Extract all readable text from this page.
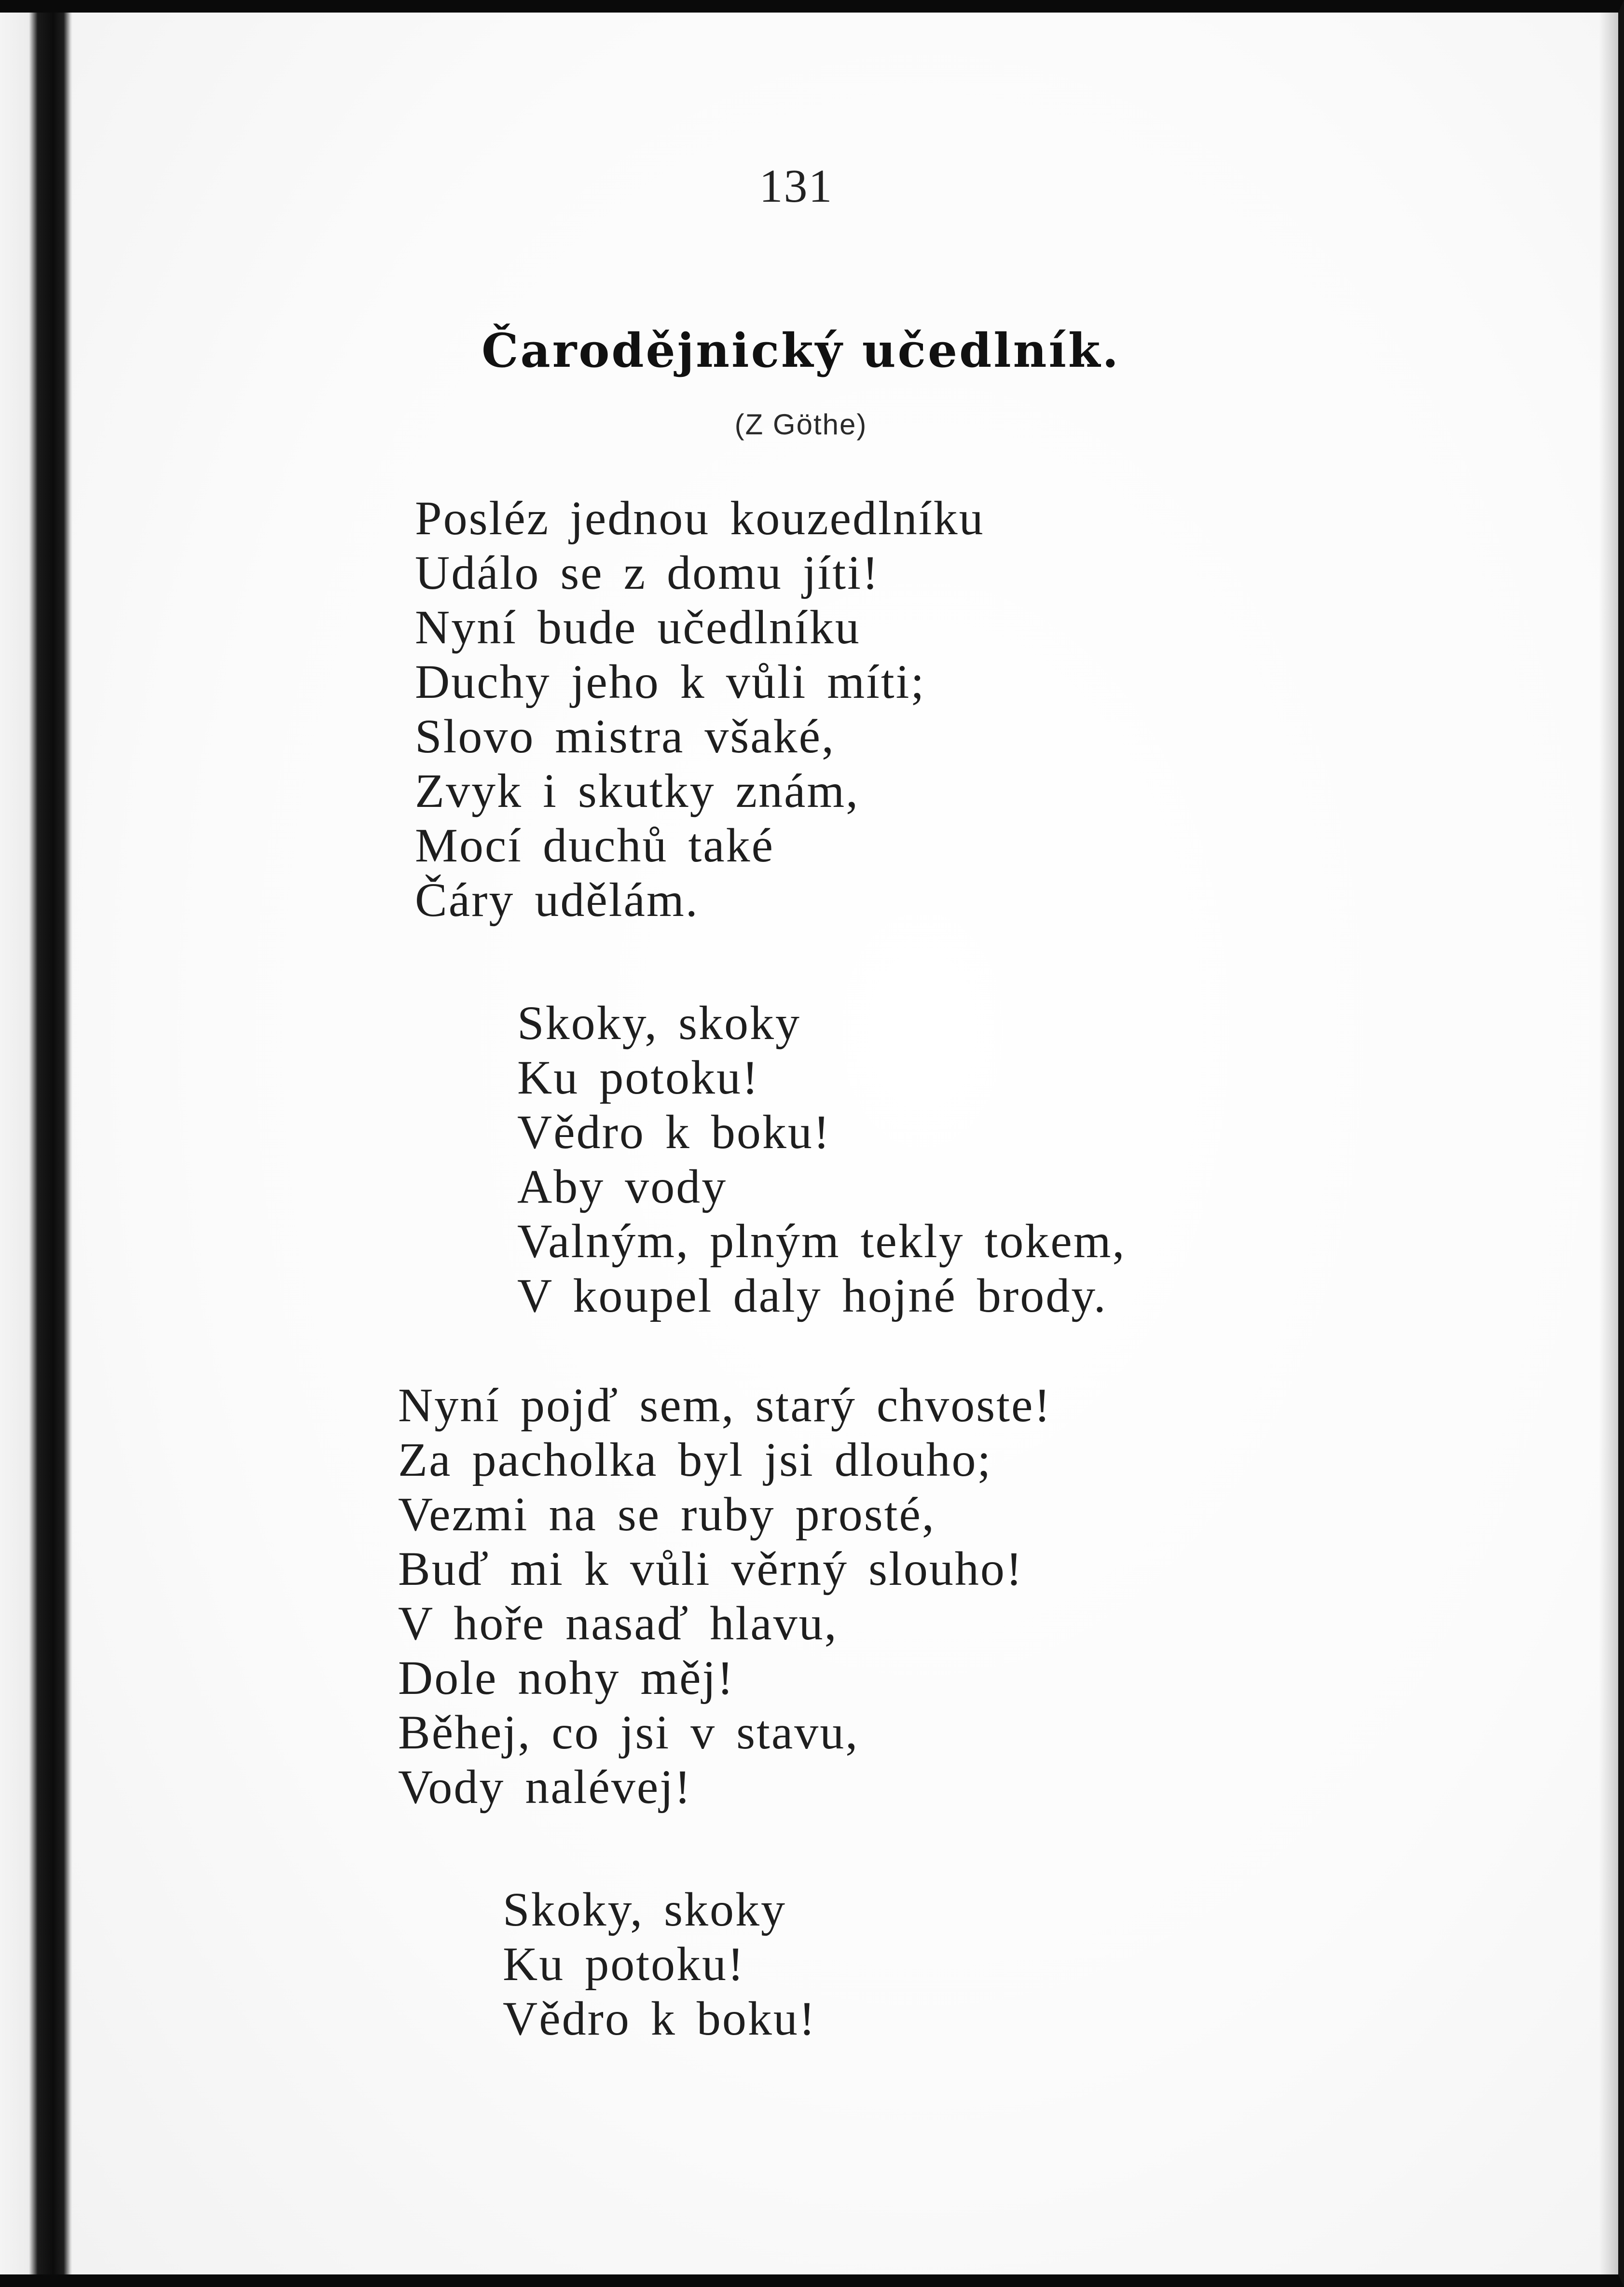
131
Čarodějnický učedlník.
(Z Göthe)
Posléz jednou kouzedlníku
Událo se z domu jíti!
Nyní bude učedlníku
Duchy jeho k vůli míti;
Slovo mistra všaké,
Zvyk i skutky znám,
Mocí duchů také
Čáry udělám.
Skoky, skoky
Ku potoku!
Vědro k boku!
Aby vody
Valným, plným tekly tokem,
V koupel daly hojné brody.
Nyní pojď sem, starý chvoste!
Za pacholka byl jsi dlouho;
Vezmi na se ruby prosté,
Buď mi k vůli věrný slouho!
V hoře nasaď hlavu,
Dole nohy měj!
Běhej, co jsi v stavu,
Vody nalévej!
Skoky, skoky
Ku potoku!
Vědro k boku!
